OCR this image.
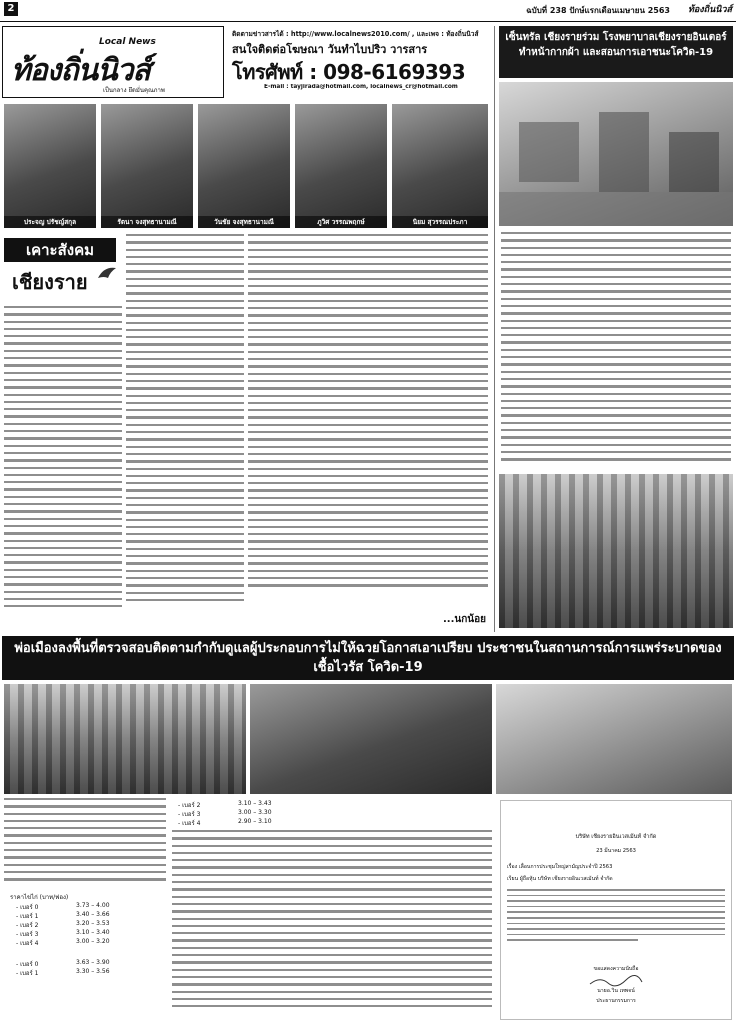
2	ฉบับที่ 238 ปักษ์แรกเดือนเมษายน 2563	ท้องถิ่นนิวส์
Local News
ท้องถิ่นนิวส์
เป็นกลาง ยึดมั่นคุณภาพ
ติดตามข่าวสารได้ : http://www.localnews2010.com/ , และเพจ : ท้องถิ่นนิวส์
สนใจติดต่อโฆษณา วันทำไบปริว วารสาร
โทรศัพท์ : 098-6169393
E-mail : tayjirada@hotmail.com, localnews_cr@hotmail.com
ประจญ ปรัชญ์สกุล	รัตนา จงสุทธานามณี	วันชัย จงสุทธานามณี	ภูวิศ วรรณพฤกษ์	นิยม สุวรรณประภา
เคาะสังคม
เชียงราย
...นกน้อย
เซ็นทรัล เชียงรายร่วม โรงพยาบาลเชียงรายอินเตอร์ ทำหน้ากากผ้า และสอนการเอาชนะโควิด-19
พ่อเมืองลงพื้นที่ตรวจสอบติดตามกำกับดูแลผู้ประกอบการไม่ให้ฉวยโอกาสเอาเปรียบ ประชาชนในสถานการณ์การแพร่ระบาดของเชื้อไวรัส โควิด-19
ราคาไข่ไก่ (บาท/ฟอง)
- เบอร์ 0	3.73 – 4.00
- เบอร์ 1	3.40 – 3.66
- เบอร์ 2	3.20 – 3.53
- เบอร์ 3	3.10 – 3.40
- เบอร์ 4	3.00 – 3.20
- เบอร์ 0	3.63 – 3.90
- เบอร์ 1	3.30 – 3.56
- เบอร์ 2	3.10 – 3.43
- เบอร์ 3	3.00 – 3.30
- เบอร์ 4	2.90 – 3.10
บริษัท เชียงรายอินเวสเม้นท์ จำกัด
23 มีนาคม 2563
เรื่อง เลื่อนการประชุมใหญ่สามัญประจำปี 2563
เรียน ผู้ถือหุ้น บริษัท เชียงรายอินเวสเม้นท์ จำกัด
ขอแสดงความนับถือ
นายอ.วิน เทพจน์
ประธานกรรมการ
